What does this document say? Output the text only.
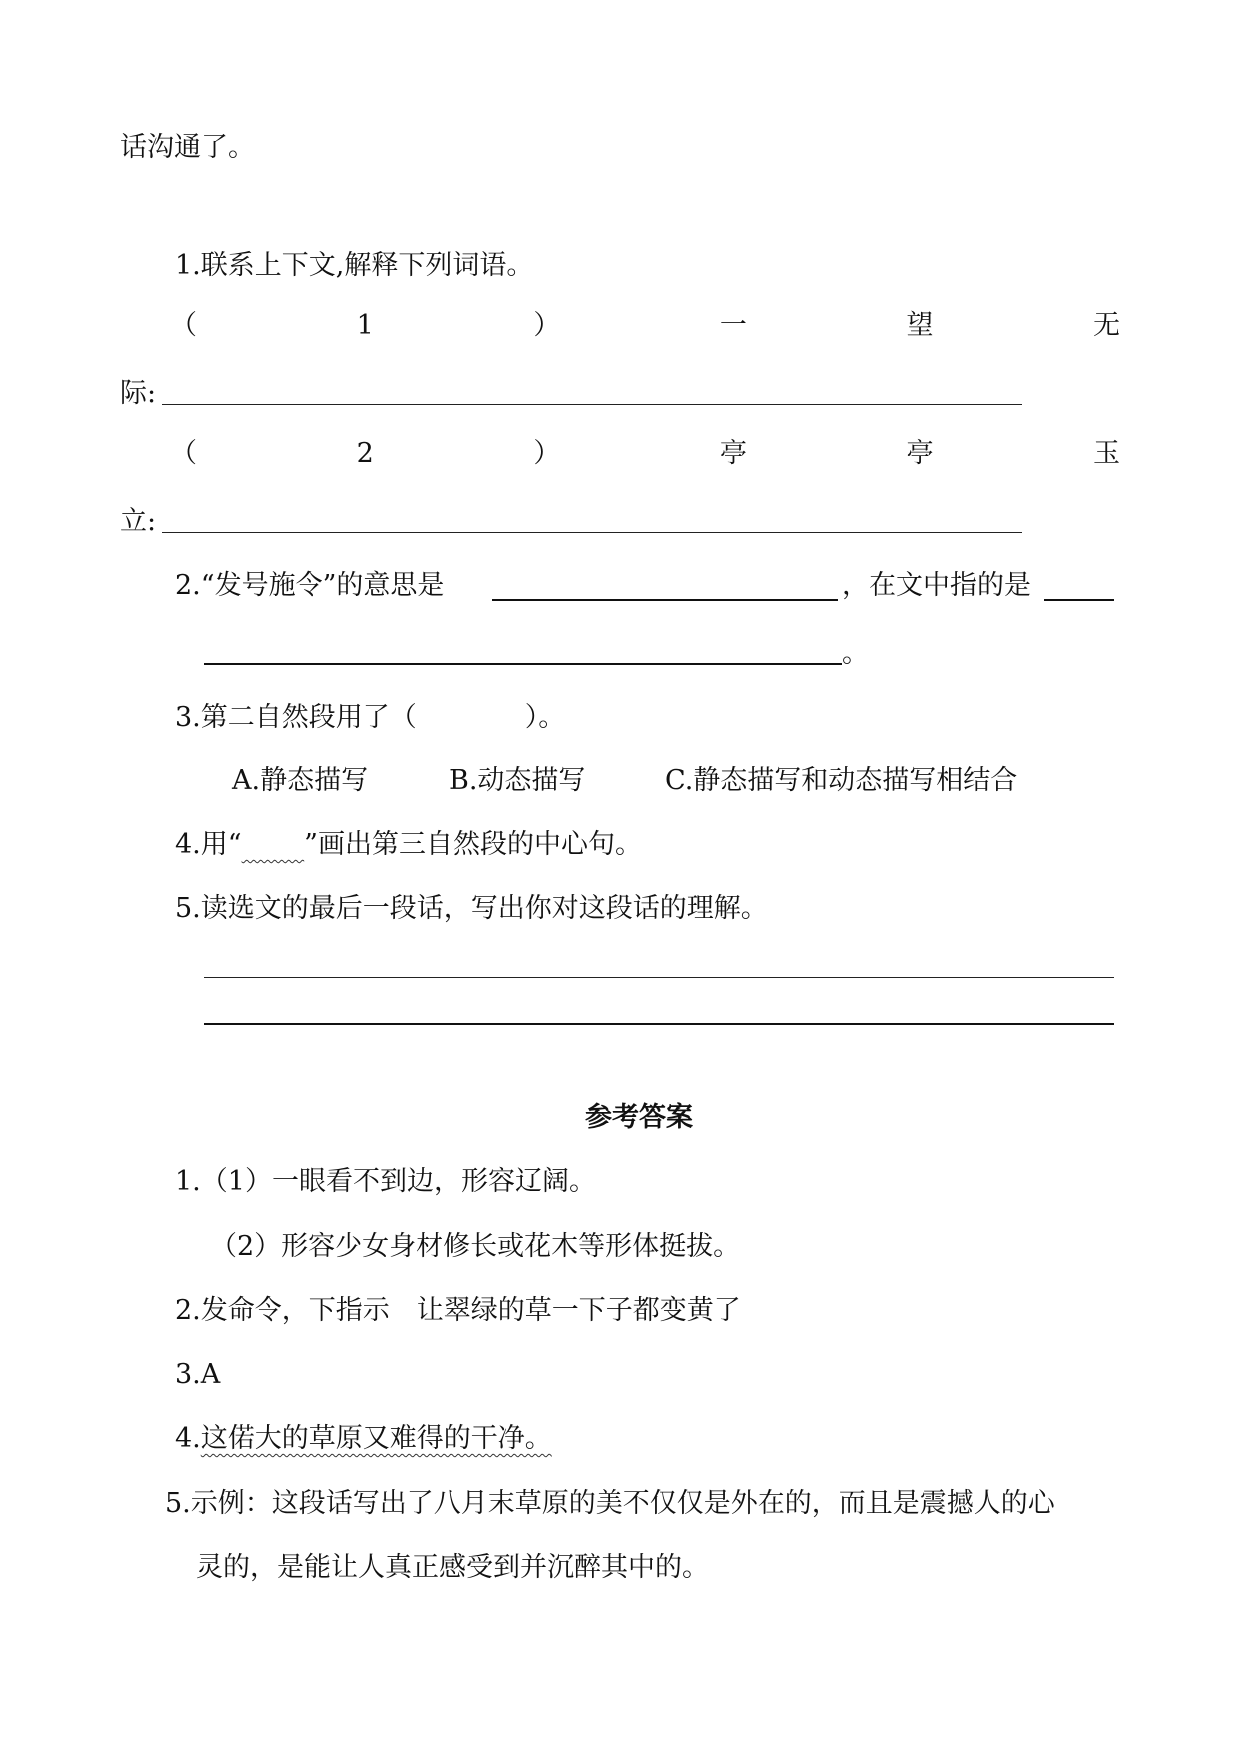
话沟通了。
1.联系上下文,解释下列词语。
（	1	）	一	望	无
际:
（	2	）	亭	亭	玉
立:
2.“发号施令”的意思是	，在文中指的是
。
3.第二自然段用了（　　　　）。
A.静态描写	B.动态描写	C.静态描写和动态描写相结合
4.用“　　 ”画出第三自然段的中心句。
5.读选文的最后一段话，写出你对这段话的理解。
参考答案
1.（1）一眼看不到边，形容辽阔。
（2）形容少女身材修长或花木等形体挺拔。
2.发命令，下指示　让翠绿的草一下子都变黄了
3.A
4.这偌大的草原又难得的干净。
5.示例：这段话写出了八月末草原的美不仅仅是外在的，而且是震撼人的心
灵的，是能让人真正感受到并沉醉其中的。
